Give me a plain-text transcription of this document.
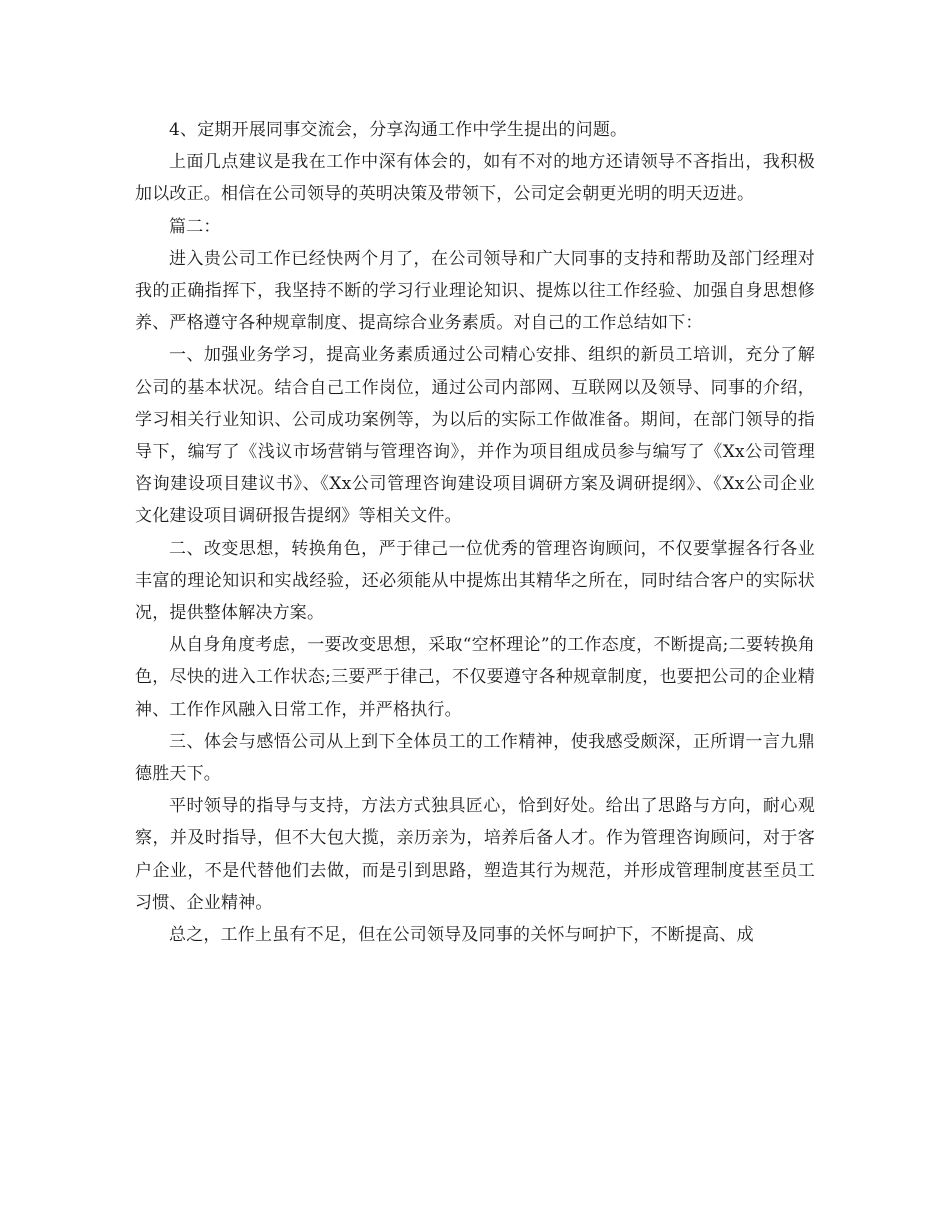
4、定期开展同事交流会，分享沟通工作中学生提出的问题。

上面几点建议是我在工作中深有体会的，如有不对的地方还请领导不吝指出，我积极加以改正。相信在公司领导的英明决策及带领下，公司定会朝更光明的明天迈进。

篇二：

进入贵公司工作已经快两个月了，在公司领导和广大同事的支持和帮助及部门经理对我的正确指挥下，我坚持不断的学习行业理论知识、提炼以往工作经验、加强自身思想修养、严格遵守各种规章制度、提高综合业务素质。对自己的工作总结如下：

一、加强业务学习，提高业务素质通过公司精心安排、组织的新员工培训，充分了解公司的基本状况。结合自己工作岗位，通过公司内部网、互联网以及领导、同事的介绍，学习相关行业知识、公司成功案例等，为以后的实际工作做准备。期间，在部门领导的指导下，编写了《浅议市场营销与管理咨询》，并作为项目组成员参与编写了《Xx公司管理咨询建设项目建议书》、《Xx公司管理咨询建设项目调研方案及调研提纲》、《Xx公司企业文化建设项目调研报告提纲》等相关文件。

二、改变思想，转换角色，严于律己一位优秀的管理咨询顾问，不仅要掌握各行各业丰富的理论知识和实战经验，还必须能从中提炼出其精华之所在，同时结合客户的实际状况，提供整体解决方案。

从自身角度考虑，一要改变思想，采取“空杯理论”的工作态度，不断提高;二要转换角色，尽快的进入工作状态;三要严于律己，不仅要遵守各种规章制度，也要把公司的企业精神、工作作风融入日常工作，并严格执行。

三、体会与感悟公司从上到下全体员工的工作精神，使我感受颇深，正所谓一言九鼎德胜天下。

平时领导的指导与支持，方法方式独具匠心，恰到好处。给出了思路与方向，耐心观察，并及时指导，但不大包大揽，亲历亲为，培养后备人才。作为管理咨询顾问，对于客户企业，不是代替他们去做，而是引到思路，塑造其行为规范，并形成管理制度甚至员工习惯、企业精神。

总之，工作上虽有不足，但在公司领导及同事的关怀与呵护下，不断提高、成
